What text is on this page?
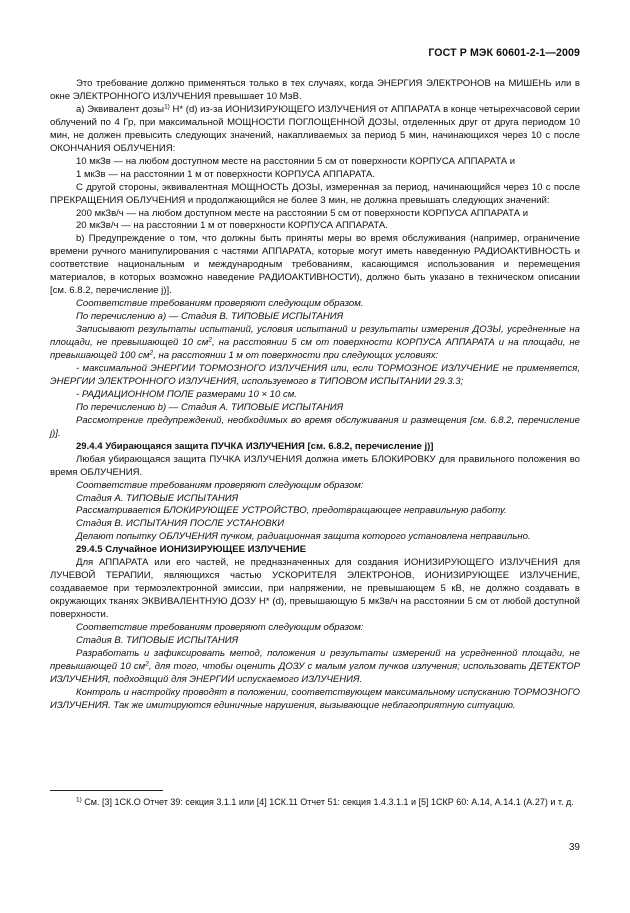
ГОСТ Р МЭК 60601-2-1—2009

Это требование должно применяться только в тех случаях, когда ЭНЕРГИЯ ЭЛЕКТРОНОВ на МИШЕНЬ или в окне ЭЛЕКТРОННОГО ИЗЛУЧЕНИЯ превышает 10 МэВ.

а) Эквивалент дозы$^{1)}$ H* (d) из-за ИОНИЗИРУЮЩЕГО ИЗЛУЧЕНИЯ от АППАРАТА в конце четырехчасовой серии облучений по 4 Гр, при максимальной МОЩНОСТИ ПОГЛОЩЕННОЙ ДОЗЫ, отделенных друг от друга периодом 10 мин, не должен превысить следующих значений, накапливаемых за период 5 мин, начинающихся через 10 с после ОКОНЧАНИЯ ОБЛУЧЕНИЯ:

10 мкЗв — на любом доступном месте на расстоянии 5 см от поверхности КОРПУСА АППАРАТА и

1 мкЗв — на расстоянии 1 м от поверхности КОРПУСА АППАРАТА.

С другой стороны, эквивалентная МОЩНОСТЬ ДОЗЫ, измеренная за период, начинающийся через 10 с после ПРЕКРАЩЕНИЯ ОБЛУЧЕНИЯ и продолжающийся не более 3 мин, не должна превышать следующих значений:

200 мкЗв/ч — на любом доступном месте на расстоянии 5 см от поверхности КОРПУСА АППАРАТА и

20 мкЗв/ч — на расстоянии 1 м от поверхности КОРПУСА АППАРАТА.

b) Предупреждение о том, что должны быть приняты меры во время обслуживания (например, ограничение времени ручного манипулирования с частями АППАРАТА, которые могут иметь наведенную РАДИОАКТИВНОСТЬ и соответствие национальным и международным требованиям, касающимся использования и перемещения материалов, в которых возможно наведение РАДИОАКТИВНОСТИ), должно быть указано в техническом описании [см. 6.8.2, перечисление j)].

Соответствие требованиям проверяют следующим образом.

По перечислению а) — Стадия В. ТИПОВЫЕ ИСПЫТАНИЯ

Записывают результаты испытаний, условия испытаний и результаты измерения ДОЗЫ, усредненные на площади, не превышающей 10 $см^2$, на расстоянии 5 см от поверхности КОРПУСА АППАРАТА и на площади, не превышающей 100 $см^2$, на расстоянии 1 м от поверхности при следующих условиях:

- максимальной ЭНЕРГИИ ТОРМОЗНОГО ИЗЛУЧЕНИЯ или, если ТОРМОЗНОЕ ИЗЛУЧЕНИЕ не применяется, ЭНЕРГИИ ЭЛЕКТРОННОГО ИЗЛУЧЕНИЯ, используемого в ТИПОВОМ ИСПЫТАНИИ 29.3.3;

- РАДИАЦИОННОМ ПОЛЕ размерами 10 × 10 см.

По перечислению b) — Стадия А. ТИПОВЫЕ ИСПЫТАНИЯ

Рассмотрение предупреждений, необходимых во время обслуживания и размещения [см. 6.8.2, перечисление j)].

29.4.4 Убирающаяся защита ПУЧКА ИЗЛУЧЕНИЯ [см. 6.8.2, перечисление j)]

Любая убирающаяся защита ПУЧКА ИЗЛУЧЕНИЯ должна иметь БЛОКИРОВКУ для правильного положения во время ОБЛУЧЕНИЯ.

Соответствие требованиям проверяют следующим образом:

Стадия А. ТИПОВЫЕ ИСПЫТАНИЯ

Рассматривается БЛОКИРУЮЩЕЕ УСТРОЙСТВО, предотвращающее неправильную работу.

Стадия В. ИСПЫТАНИЯ ПОСЛЕ УСТАНОВКИ

Делают попытку ОБЛУЧЕНИЯ пучком, радиационная защита которого установлена неправильно.

29.4.5 Случайное ИОНИЗИРУЮЩЕЕ ИЗЛУЧЕНИЕ

Для АППАРАТА или его частей, не предназначенных для создания ИОНИЗИРУЮЩЕГО ИЗЛУЧЕНИЯ для ЛУЧЕВОЙ ТЕРАПИИ, являющихся частью УСКОРИТЕЛЯ ЭЛЕКТРОНОВ, ИОНИЗИРУЮЩЕЕ ИЗЛУЧЕНИЕ, создаваемое при термоэлектронной эмиссии, при напряжении, не превышающем 5 кВ, не должно создавать в окружающих тканях ЭКВИВАЛЕНТНУЮ ДОЗУ H* (d), превышающую 5 мкЗв/ч на расстоянии 5 см от любой доступной поверхности.

Соответствие требованиям проверяют следующим образом:

Стадия В. ТИПОВЫЕ ИСПЫТАНИЯ

Разработать и зафиксировать метод, положения и результаты измерений на усредненной площади, не превышающей 10 $см^2$, для того, чтобы оценить ДОЗУ с малым углом пучков излучения; использовать ДЕТЕКТОР ИЗЛУЧЕНИЯ, подходящий для ЭНЕРГИИ испускаемого ИЗЛУЧЕНИЯ.

Контроль и настройку проводят в положении, соответствующем максимальному испусканию ТОРМОЗНОГО ИЗЛУЧЕНИЯ. Так же имитируются единичные нарушения, вызывающие неблагоприятную ситуацию.

$^{1)}$ См. [3] 1СК.О Отчет 39: секция 3.1.1 или [4] 1СК.11 Отчет 51: секция 1.4.3.1.1 и [5] 1СКР 60: А.14, А.14.1 (А.27) и т. д.

39
